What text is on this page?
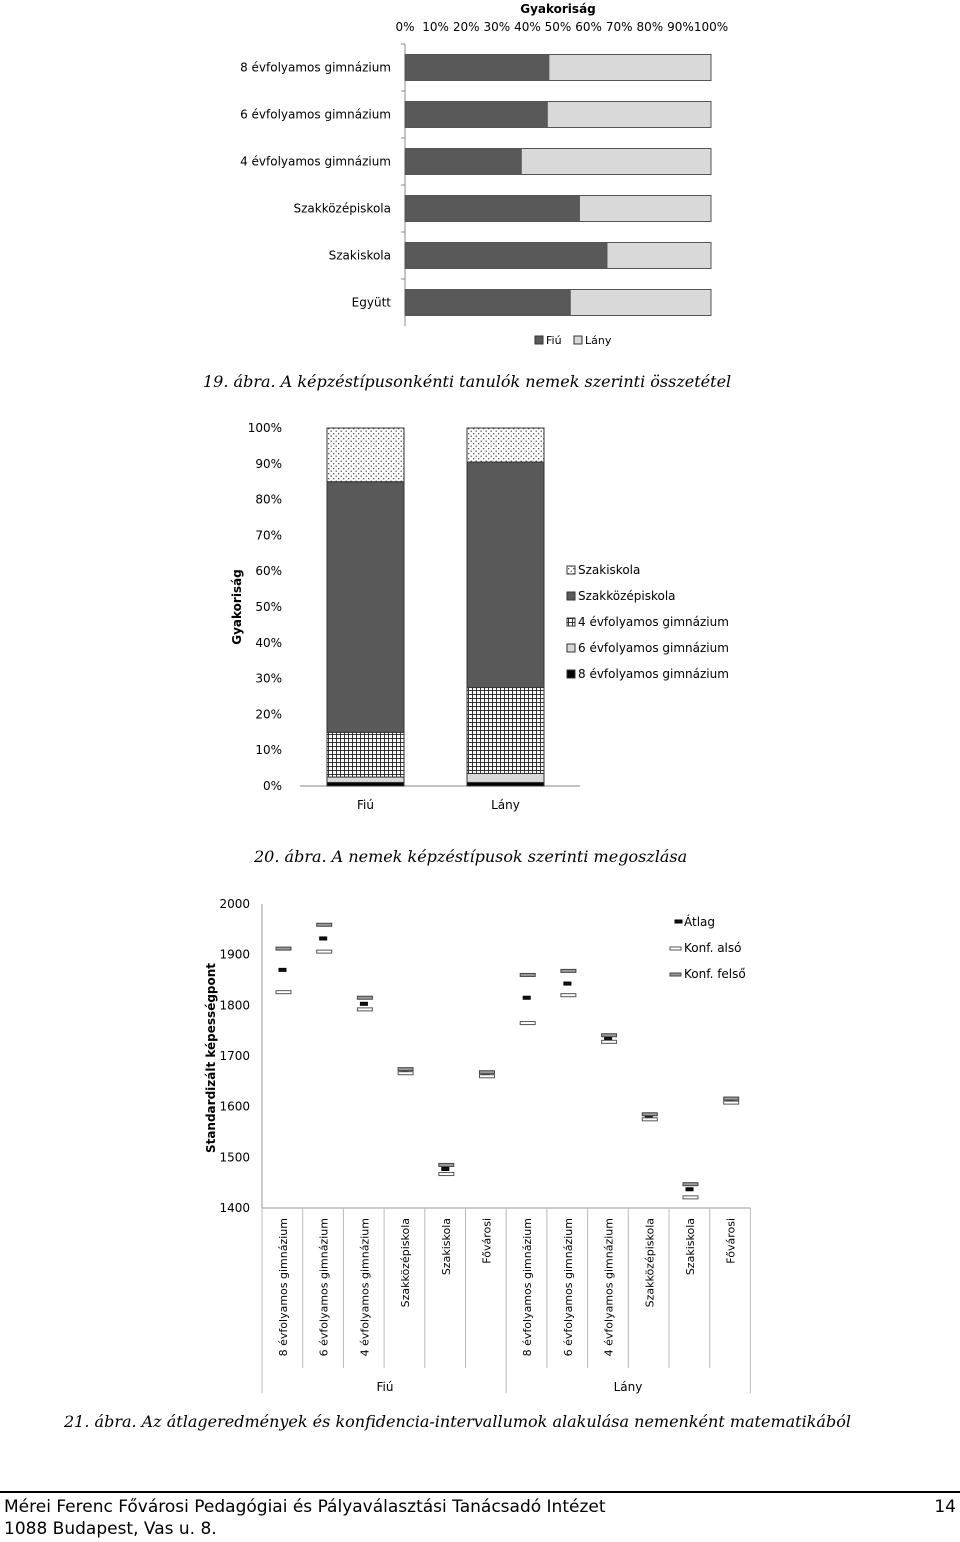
Gyakoriság
0% 10% 20% 30% 40% 50% 60% 70% 80% 90% 100%
8 évfolyamos gimnázium
6 évfolyamos gimnázium
4 évfolyamos gimnázium
Szakközépiskola
Szakiskola
Együtt
Fiú Lány
19. ábra. A képzéstípusonkénti tanulók nemek szerinti összetétel
Gyakoriság
0%
10%
20%
30%
40%
50%
60%
70%
80%
90%
100%
Fiú	Lány
Szakiskola
Szakközépiskola
4 évfolyamos gimnázium
6 évfolyamos gimnázium
8 évfolyamos gimnázium
20. ábra. A nemek képzéstípusok szerinti megoszlása
Standardizált képességpont
2000
1900
1800
1700
1600
1500
1400
8 évfolyamos gimnázium	6 évfolyamos gimnázium	4 évfolyamos gimnázium	Szakközépiskola	Szakiskola	Fővárosi	8 évfolyamos gimnázium	6 évfolyamos gimnázium	4 évfolyamos gimnázium	Szakközépiskola	Szakiskola	Fővárosi
Fiú	Lány
Átlag
Konf. alsó
Konf. felső
21. ábra. Az átlageredmények és konfidencia-intervallumok alakulása nemenként matematikából
Mérei Ferenc Fővárosi Pedagógiai és Pályaválasztási Tanácsadó Intézet
1088 Budapest, Vas u. 8.
14
